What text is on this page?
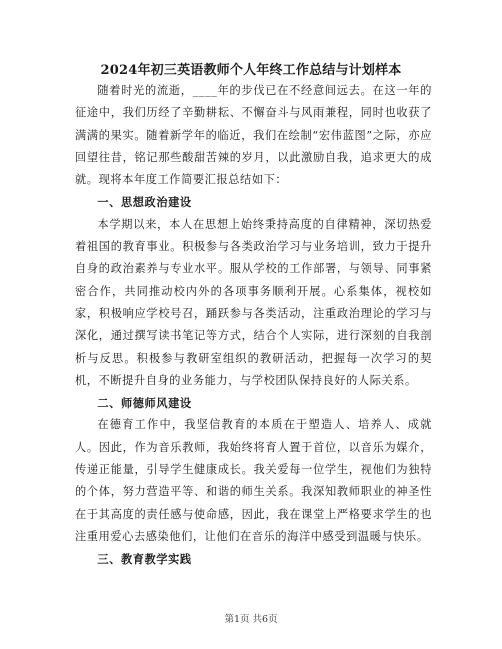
2024年初三英语教师个人年终工作总结与计划样本

随着时光的流逝，____年的步伐已在不经意间远去。在这一年的征途中，我们历经了辛勤耕耘、不懈奋斗与风雨兼程，同时也收获了满满的果实。随着新学年的临近，我们在绘制“宏伟蓝图”之际，亦应回望往昔，铭记那些酸甜苦辣的岁月，以此激励自我，追求更大的成就。现将本年度工作简要汇报总结如下：

一、思想政治建设

本学期以来，本人在思想上始终秉持高度的自律精神，深切热爱着祖国的教育事业。积极参与各类政治学习与业务培训，致力于提升自身的政治素养与专业水平。服从学校的工作部署，与领导、同事紧密合作，共同推动校内外的各项事务顺利开展。心系集体，视校如家，积极响应学校号召，踊跃参与各类活动，注重政治理论的学习与深化，通过撰写读书笔记等方式，结合个人实际，进行深刻的自我剖析与反思。积极参与教研室组织的教研活动，把握每一次学习的契机，不断提升自身的业务能力，与学校团队保持良好的人际关系。

二、师德师风建设

在德育工作中，我坚信教育的本质在于塑造人、培养人、成就人。因此，作为音乐教师，我始终将育人置于首位，以音乐为媒介，传递正能量，引导学生健康成长。我关爱每一位学生，视他们为独特的个体，努力营造平等、和谐的师生关系。我深知教师职业的神圣性在于其高度的责任感与使命感，因此，我在课堂上严格要求学生的也注重用爱心去感染他们，让他们在音乐的海洋中感受到温暖与快乐。

三、教育教学实践

第1页 共6页
